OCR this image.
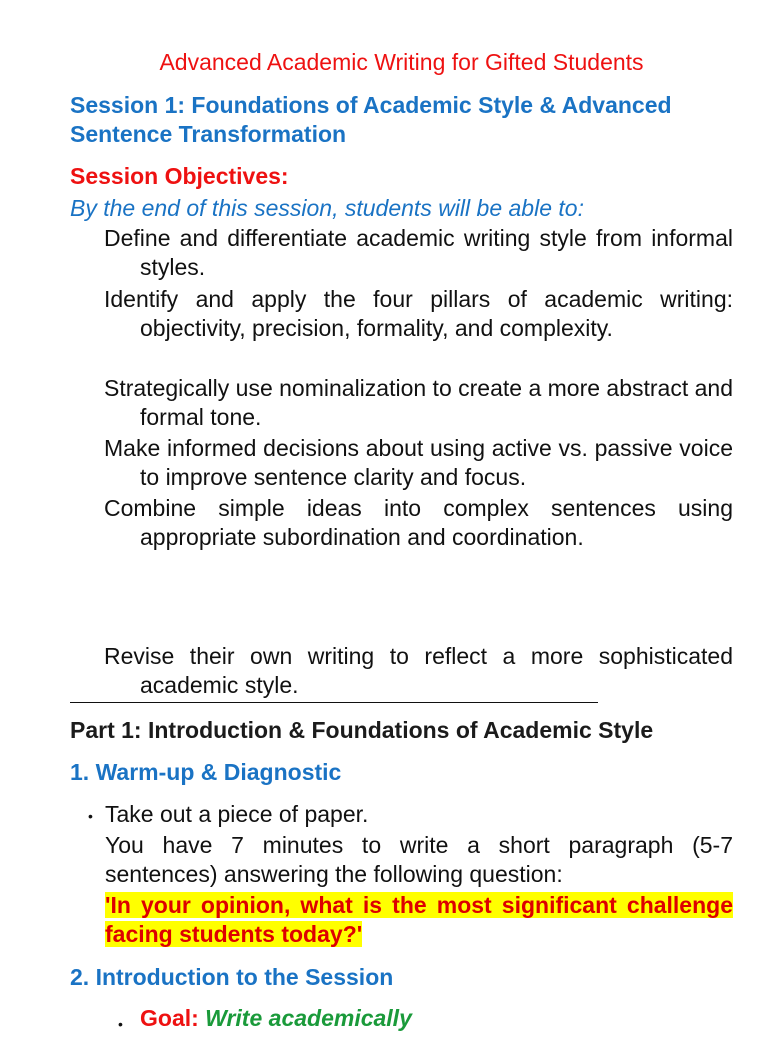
Advanced Academic Writing for Gifted Students
Session 1: Foundations of Academic Style & Advanced Sentence Transformation
Session Objectives:
By the end of this session, students will be able to:
Define and differentiate academic writing style from informal styles.
Identify and apply the four pillars of academic writing: objectivity, precision, formality, and complexity.
Strategically use nominalization to create a more abstract and formal tone.
Make informed decisions about using active vs. passive voice to improve sentence clarity and focus.
Combine simple ideas into complex sentences using appropriate subordination and coordination.
Revise their own writing to reflect a more sophisticated academic style.
Part 1: Introduction & Foundations of Academic Style
1. Warm-up & Diagnostic
• Take out a piece of paper.
You have 7 minutes to write a short paragraph (5-7 sentences) answering the following question:
'In your opinion, what is the most significant challenge facing students today?'
2. Introduction to the Session
• Goal: Write academically
